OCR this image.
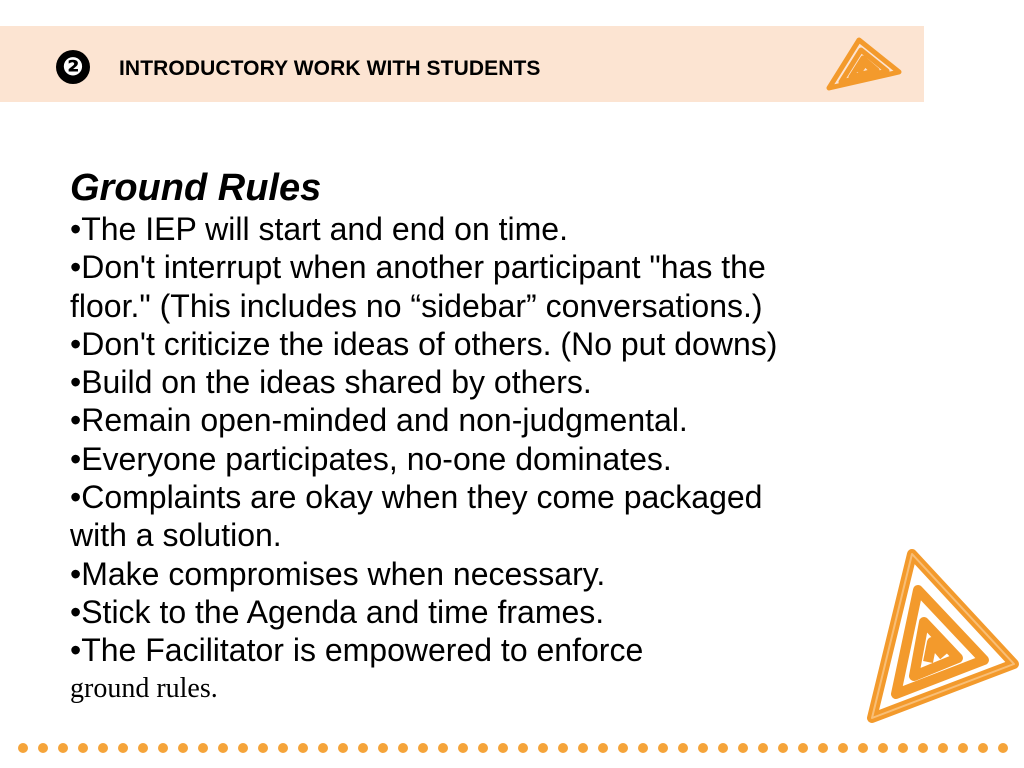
❷	INTRODUCTORY WORK WITH STUDENTS
Ground Rules
•The IEP will start and end on time.
•Don't interrupt when another participant "has the
floor." (This includes no “sidebar” conversations.)
•Don't criticize the ideas of others. (No put downs)
•Build on the ideas shared by others.
•Remain open-minded and non-judgmental.
•Everyone participates, no-one dominates.
•Complaints are okay when they come packaged
with a solution.
•Make compromises when necessary.
•Stick to the Agenda and time frames.
•The Facilitator is empowered to enforce
ground rules.
